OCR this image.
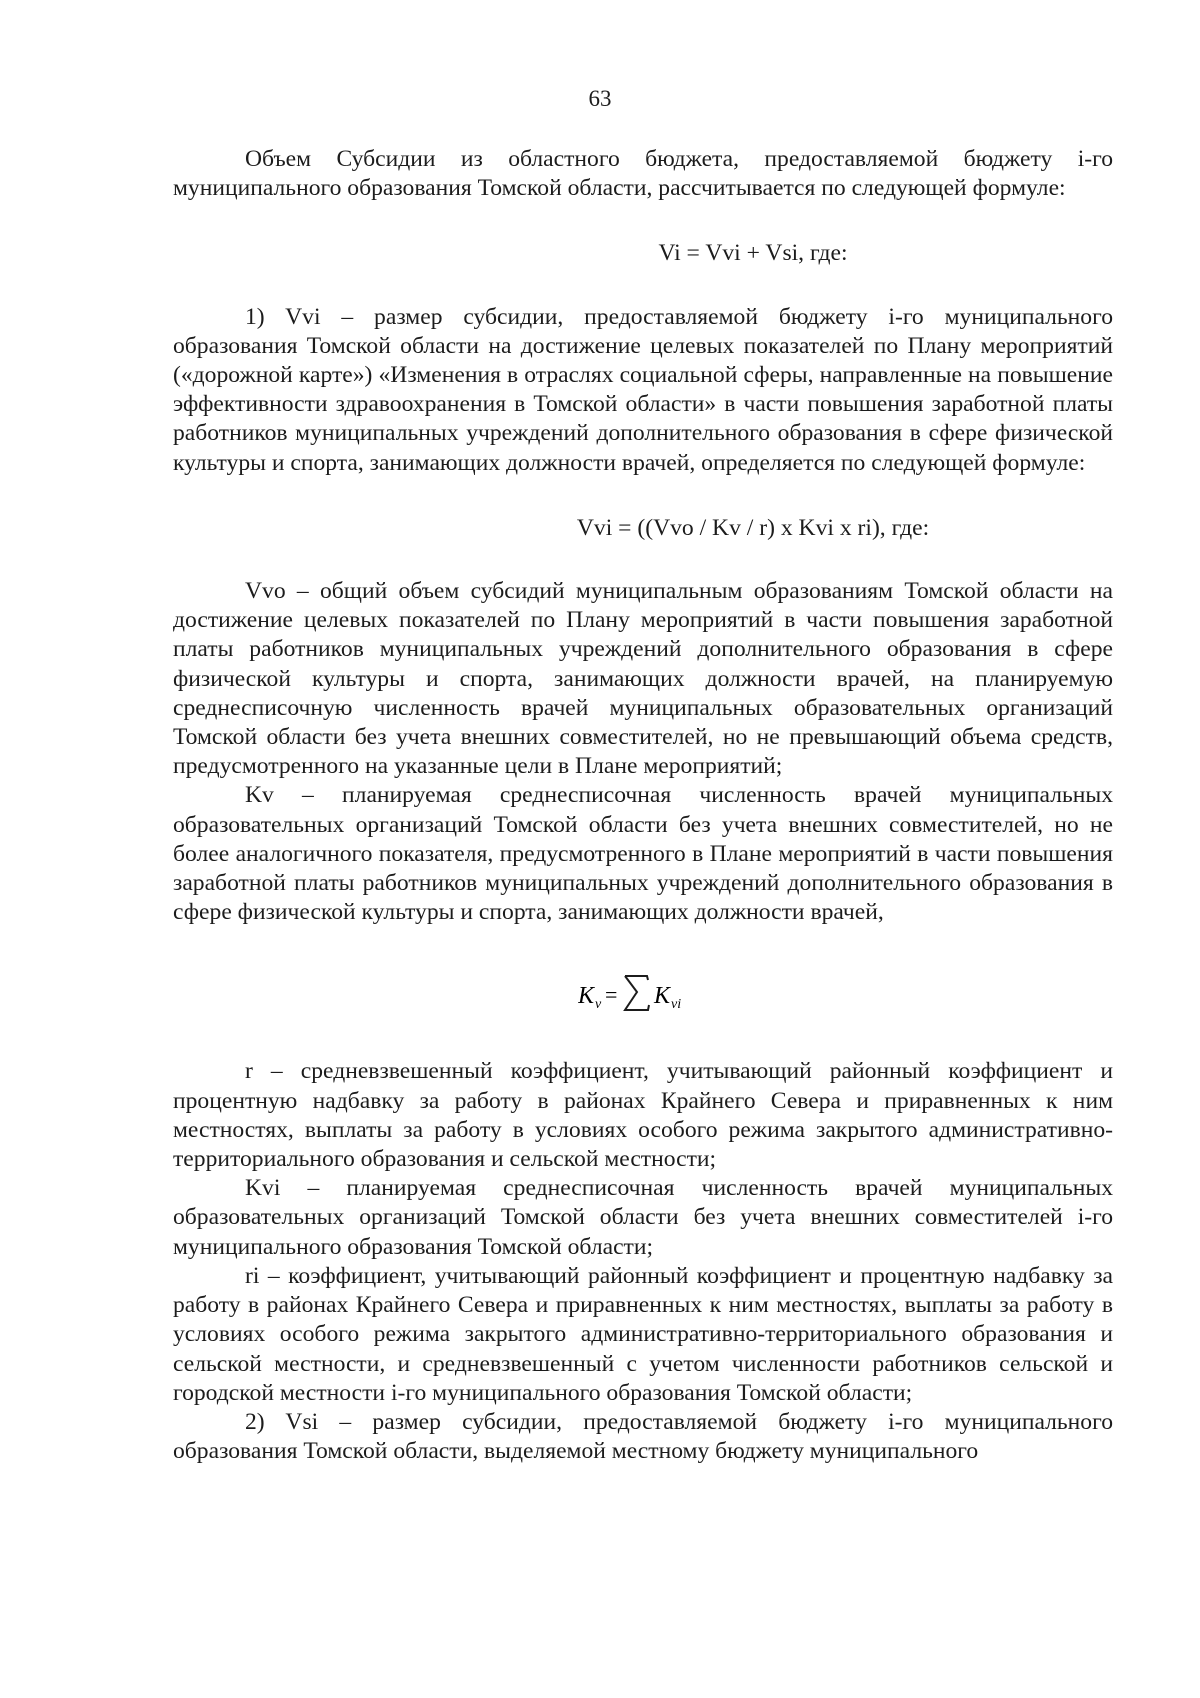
63

Объем Субсидии из областного бюджета, предоставляемой бюджету i-го муниципального образования Томской области, рассчитывается по следующей формуле:

Vi = Vvi + Vsi, где:

1) Vvi – размер субсидии, предоставляемой бюджету i-го муниципального образования Томской области на достижение целевых показателей по Плану мероприятий («дорожной карте») «Изменения в отраслях социальной сферы, направленные на повышение эффективности здравоохранения в Томской области» в части повышения заработной платы работников муниципальных учреждений дополнительного образования в сфере физической культуры и спорта, занимающих должности врачей, определяется по следующей формуле:

Vvi = ((Vvo / Kv / r) x Kvi x ri), где:

Vvo – общий объем субсидий муниципальным образованиям Томской области на достижение целевых показателей по Плану мероприятий в части повышения заработной платы работников муниципальных учреждений дополнительного образования в сфере физической культуры и спорта, занимающих должности врачей, на планируемую среднесписочную численность врачей муниципальных образовательных организаций Томской области без учета внешних совместителей, но не превышающий объема средств, предусмотренного на указанные цели в Плане мероприятий;

Kv – планируемая среднесписочная численность врачей муниципальных образовательных организаций Томской области без учета внешних совместителей, но не более аналогичного показателя, предусмотренного в Плане мероприятий в части повышения заработной платы работников муниципальных учреждений дополнительного образования в сфере физической культуры и спорта, занимающих должности врачей,

K v = K vi

r – средневзвешенный коэффициент, учитывающий районный коэффициент и процентную надбавку за работу в районах Крайнего Севера и приравненных к ним местностях, выплаты за работу в условиях особого режима закрытого административно-территориального образования и сельской местности;

Kvi – планируемая среднесписочная численность врачей муниципальных образовательных организаций Томской области без учета внешних совместителей i-го муниципального образования Томской области;

ri – коэффициент, учитывающий районный коэффициент и процентную надбавку за работу в районах Крайнего Севера и приравненных к ним местностях, выплаты за работу в условиях особого режима закрытого административно-территориального образования и сельской местности, и средневзвешенный с учетом численности работников сельской и городской местности i-го муниципального образования Томской области;

2) Vsi – размер субсидии, предоставляемой бюджету i-го муниципального образования Томской области, выделяемой местному бюджету муниципального
